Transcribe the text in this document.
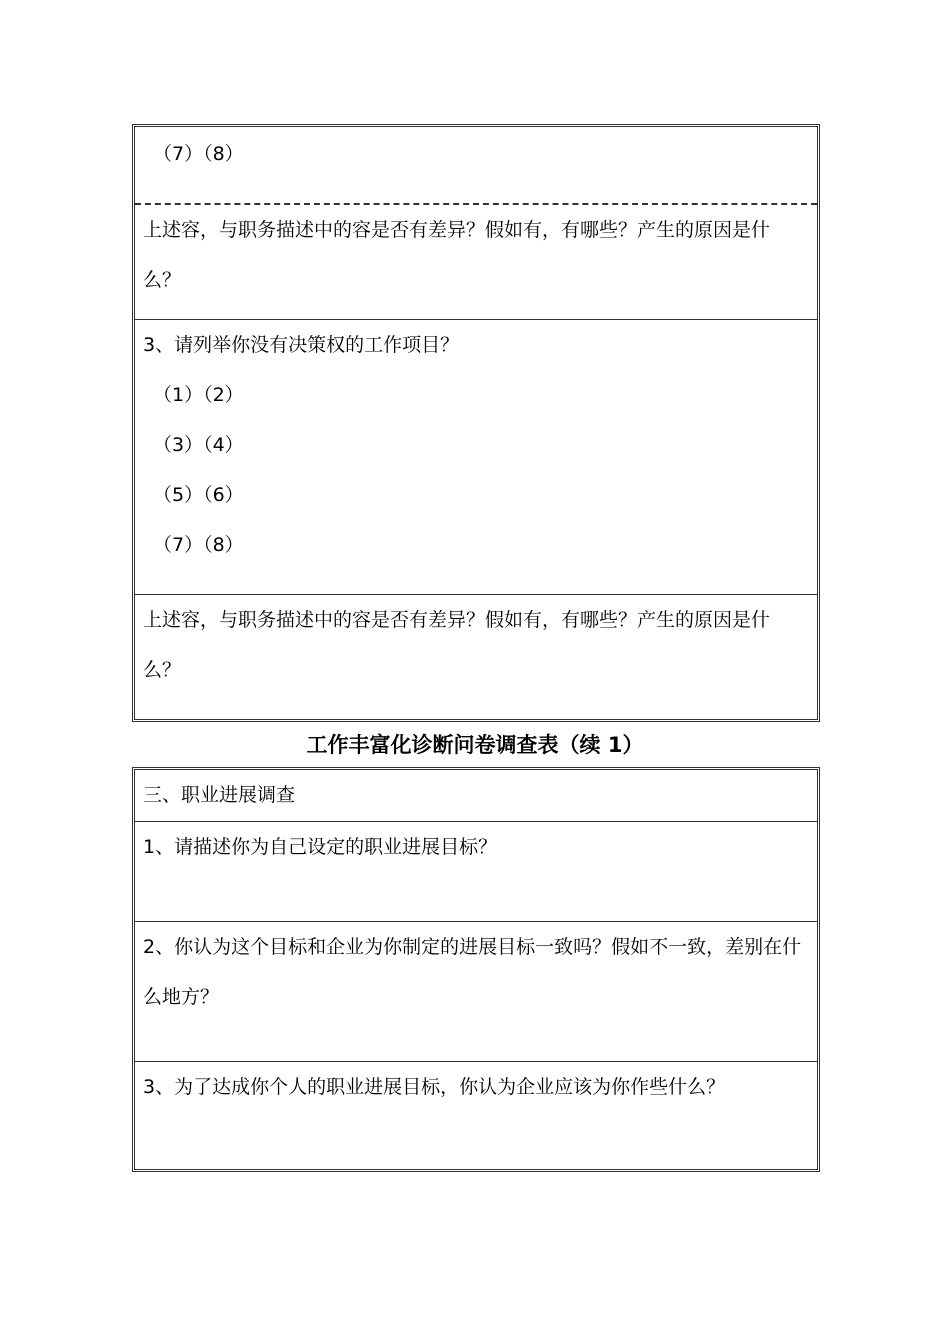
（7）（8）
上述容，与职务描述中的容是否有差异？假如有，有哪些？产生的原因是什
么？
3、请列举你没有决策权的工作项目？
（1）（2）
（3）（4）
（5）（6）
（7）（8）
上述容，与职务描述中的容是否有差异？假如有，有哪些？产生的原因是什
么？
工作丰富化诊断问卷调查表（续 1）
三、职业进展调查
1、请描述你为自己设定的职业进展目标？
2、你认为这个目标和企业为你制定的进展目标一致吗？假如不一致，差别在什
么地方？
3、为了达成你个人的职业进展目标，你认为企业应该为你作些什么？
